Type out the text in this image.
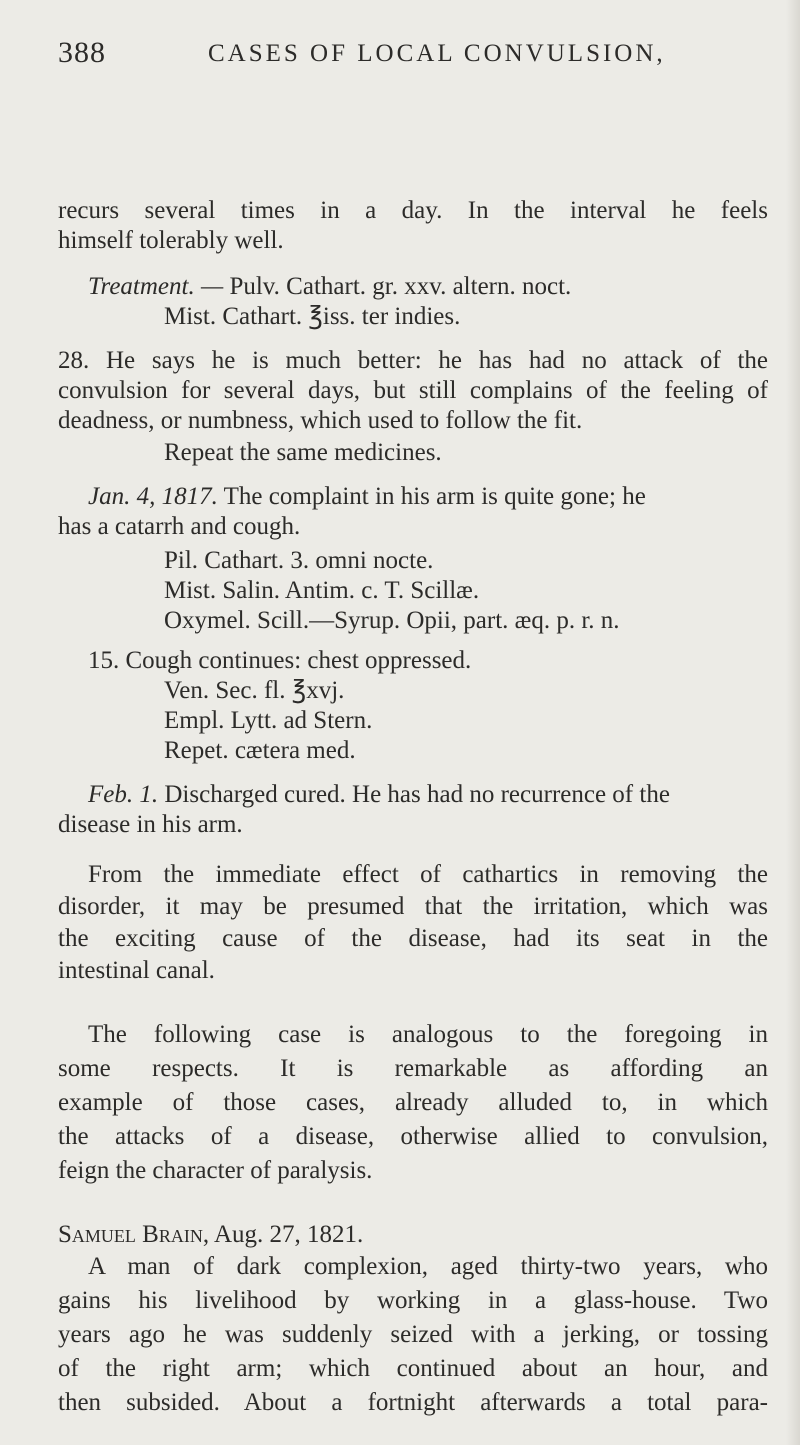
388	CASES OF LOCAL CONVULSION,
recurs several times in a day. In the interval he feels
himself tolerably well.
Treatment. — Pulv. Cathart. gr. xxv. altern. noct.
Mist. Cathart. ℥iss. ter indies.
28. He says he is much better: he has had no attack of the
convulsion for several days, but still complains of the feeling of
deadness, or numbness, which used to follow the fit.
Repeat the same medicines.
Jan. 4, 1817. The complaint in his arm is quite gone; he
has a catarrh and cough.
Pil. Cathart. 3. omni nocte.
Mist. Salin. Antim. c. T. Scillæ.
Oxymel. Scill.—Syrup. Opii, part. æq. p. r. n.
15. Cough continues: chest oppressed.
Ven. Sec. fl. ℥xvj.
Empl. Lytt. ad Stern.
Repet. cætera med.
Feb. 1. Discharged cured. He has had no recurrence of the
disease in his arm.
From the immediate effect of cathartics in removing the
disorder, it may be presumed that the irritation, which was
the exciting cause of the disease, had its seat in the
intestinal canal.
The following case is analogous to the foregoing in
some respects. It is remarkable as affording an
example of those cases, already alluded to, in which
the attacks of a disease, otherwise allied to convulsion,
feign the character of paralysis.
Samuel Brain, Aug. 27, 1821.
A man of dark complexion, aged thirty-two years, who
gains his livelihood by working in a glass-house. Two
years ago he was suddenly seized with a jerking, or tossing
of the right arm; which continued about an hour, and
then subsided. About a fortnight afterwards a total para-
